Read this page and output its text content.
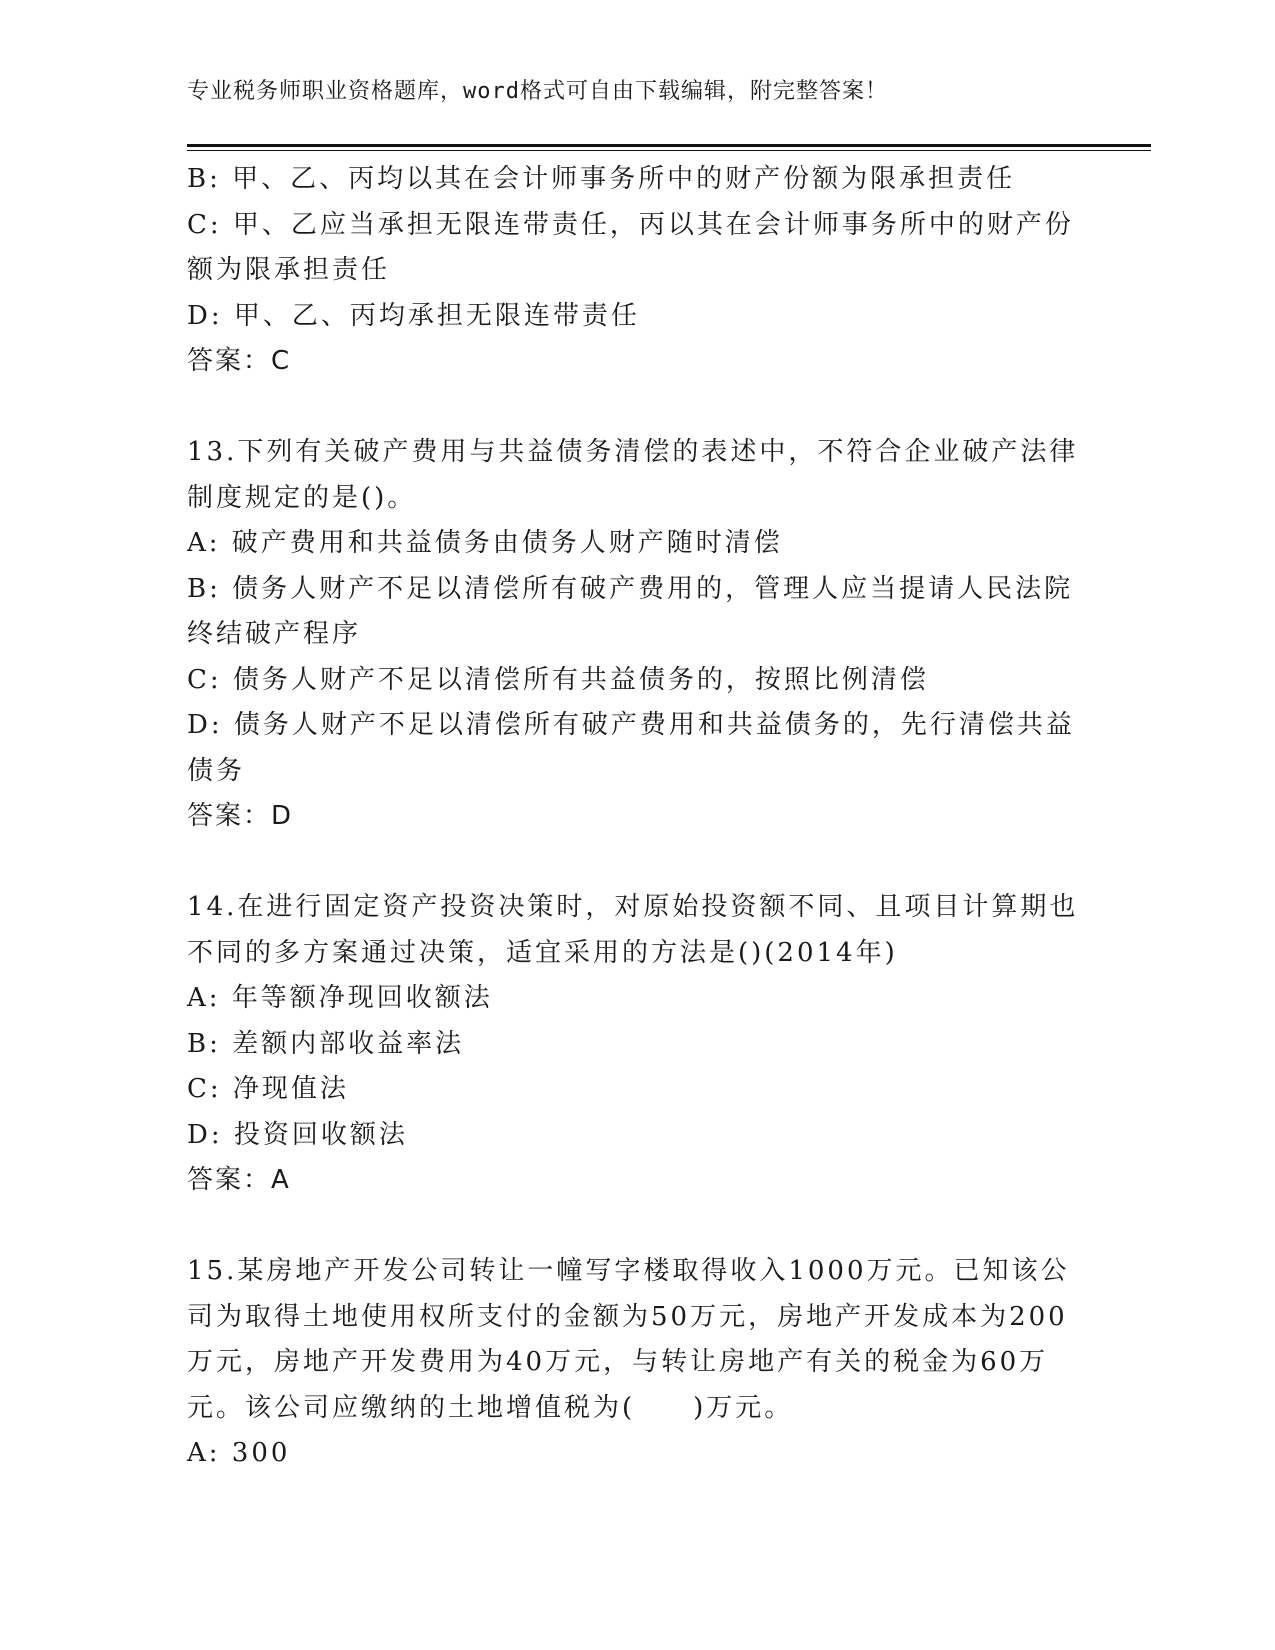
专业税务师职业资格题库，word格式可自由下载编辑，附完整答案！
B: 甲、乙、丙均以其在会计师事务所中的财产份额为限承担责任
C: 甲、乙应当承担无限连带责任，丙以其在会计师事务所中的财产份
额为限承担责任
D: 甲、乙、丙均承担无限连带责任
答案：C
13.下列有关破产费用与共益债务清偿的表述中，不符合企业破产法律
制度规定的是()。
A: 破产费用和共益债务由债务人财产随时清偿
B: 债务人财产不足以清偿所有破产费用的，管理人应当提请人民法院
终结破产程序
C: 债务人财产不足以清偿所有共益债务的，按照比例清偿
D: 债务人财产不足以清偿所有破产费用和共益债务的，先行清偿共益
债务
答案：D
14.在进行固定资产投资决策时，对原始投资额不同、且项目计算期也
不同的多方案通过决策，适宜采用的方法是()(2014年)
A: 年等额净现回收额法
B: 差额内部收益率法
C: 净现值法
D: 投资回收额法
答案：A
15.某房地产开发公司转让一幢写字楼取得收入1000万元。已知该公
司为取得土地使用权所支付的金额为50万元，房地产开发成本为200
万元，房地产开发费用为40万元，与转让房地产有关的税金为60万
元。该公司应缴纳的土地增值税为(　　)万元。
A: 300
